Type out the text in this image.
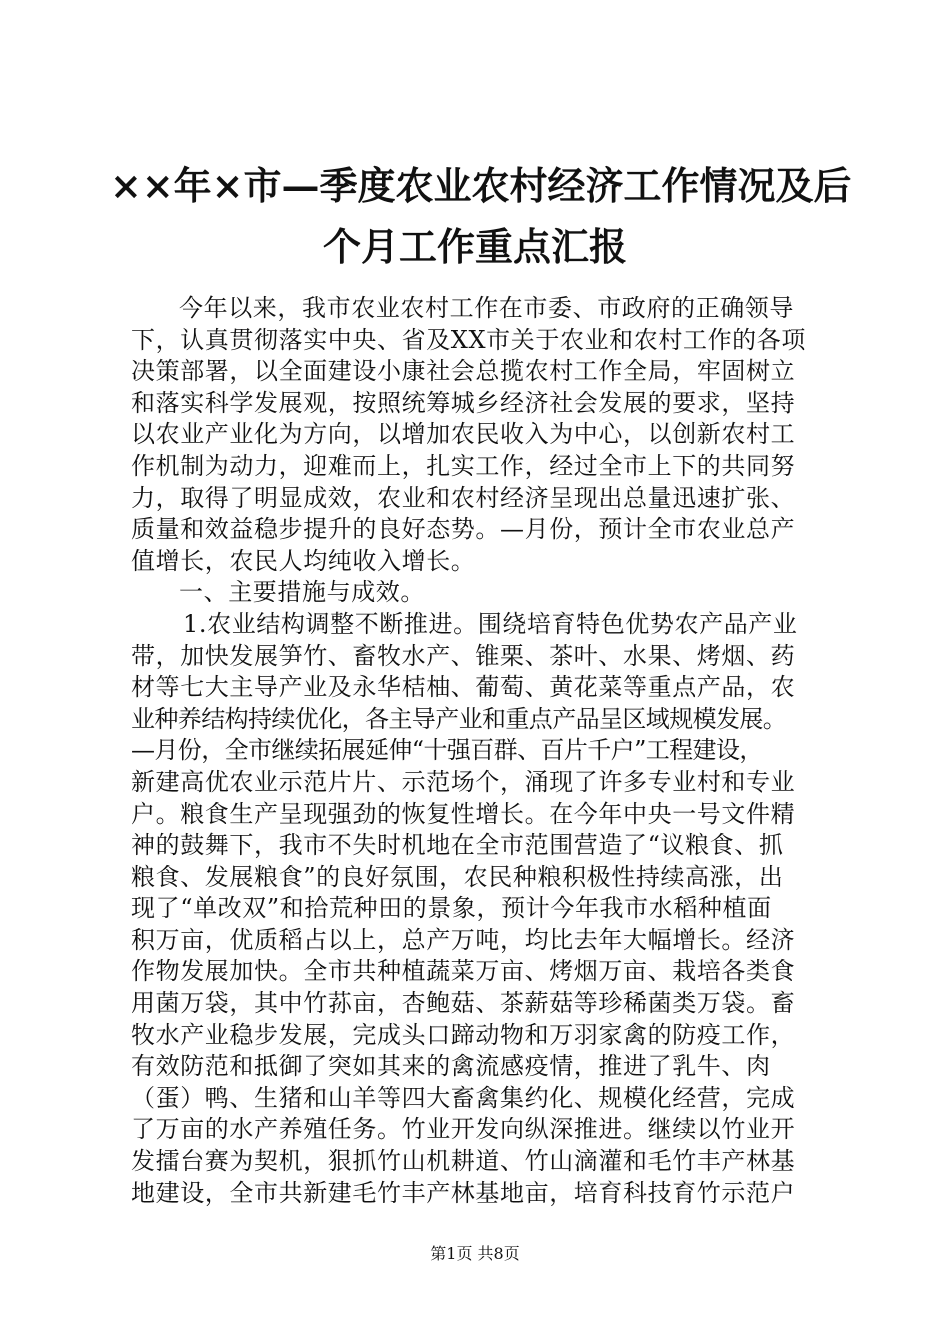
××年×市—季度农业农村经济工作情况及后
个月工作重点汇报
今年以来，我市农业农村工作在市委、市政府的正确领导
下，认真贯彻落实中央、省及XX市关于农业和农村工作的各项
决策部署，以全面建设小康社会总揽农村工作全局，牢固树立
和落实科学发展观，按照统筹城乡经济社会发展的要求，坚持
以农业产业化为方向，以增加农民收入为中心，以创新农村工
作机制为动力，迎难而上，扎实工作，经过全市上下的共同努
力，取得了明显成效，农业和农村经济呈现出总量迅速扩张、
质量和效益稳步提升的良好态势。—月份，预计全市农业总产
值增长，农民人均纯收入增长。
一、主要措施与成效。
1.农业结构调整不断推进。围绕培育特色优势农产品产业
带，加快发展笋竹、畜牧水产、锥栗、茶叶、水果、烤烟、药
材等七大主导产业及永华桔柚、葡萄、黄花菜等重点产品，农
业种养结构持续优化，各主导产业和重点产品呈区域规模发展。
—月份，全市继续拓展延伸“十强百群、百片千户”工程建设，
新建高优农业示范片片、示范场个，涌现了许多专业村和专业
户。粮食生产呈现强劲的恢复性增长。在今年中央一号文件精
神的鼓舞下，我市不失时机地在全市范围营造了“议粮食、抓
粮食、发展粮食”的良好氛围，农民种粮积极性持续高涨，出
现了“单改双”和拾荒种田的景象，预计今年我市水稻种植面
积万亩，优质稻占以上，总产万吨，均比去年大幅增长。经济
作物发展加快。全市共种植蔬菜万亩、烤烟万亩、栽培各类食
用菌万袋，其中竹荪亩，杏鲍菇、茶薪菇等珍稀菌类万袋。畜
牧水产业稳步发展，完成头口蹄动物和万羽家禽的防疫工作，
有效防范和抵御了突如其来的禽流感疫情，推进了乳牛、肉
（蛋）鸭、生猪和山羊等四大畜禽集约化、规模化经营，完成
了万亩的水产养殖任务。竹业开发向纵深推进。继续以竹业开
发擂台赛为契机，狠抓竹山机耕道、竹山滴灌和毛竹丰产林基
地建设，全市共新建毛竹丰产林基地亩，培育科技育竹示范户
第1页 共8页
